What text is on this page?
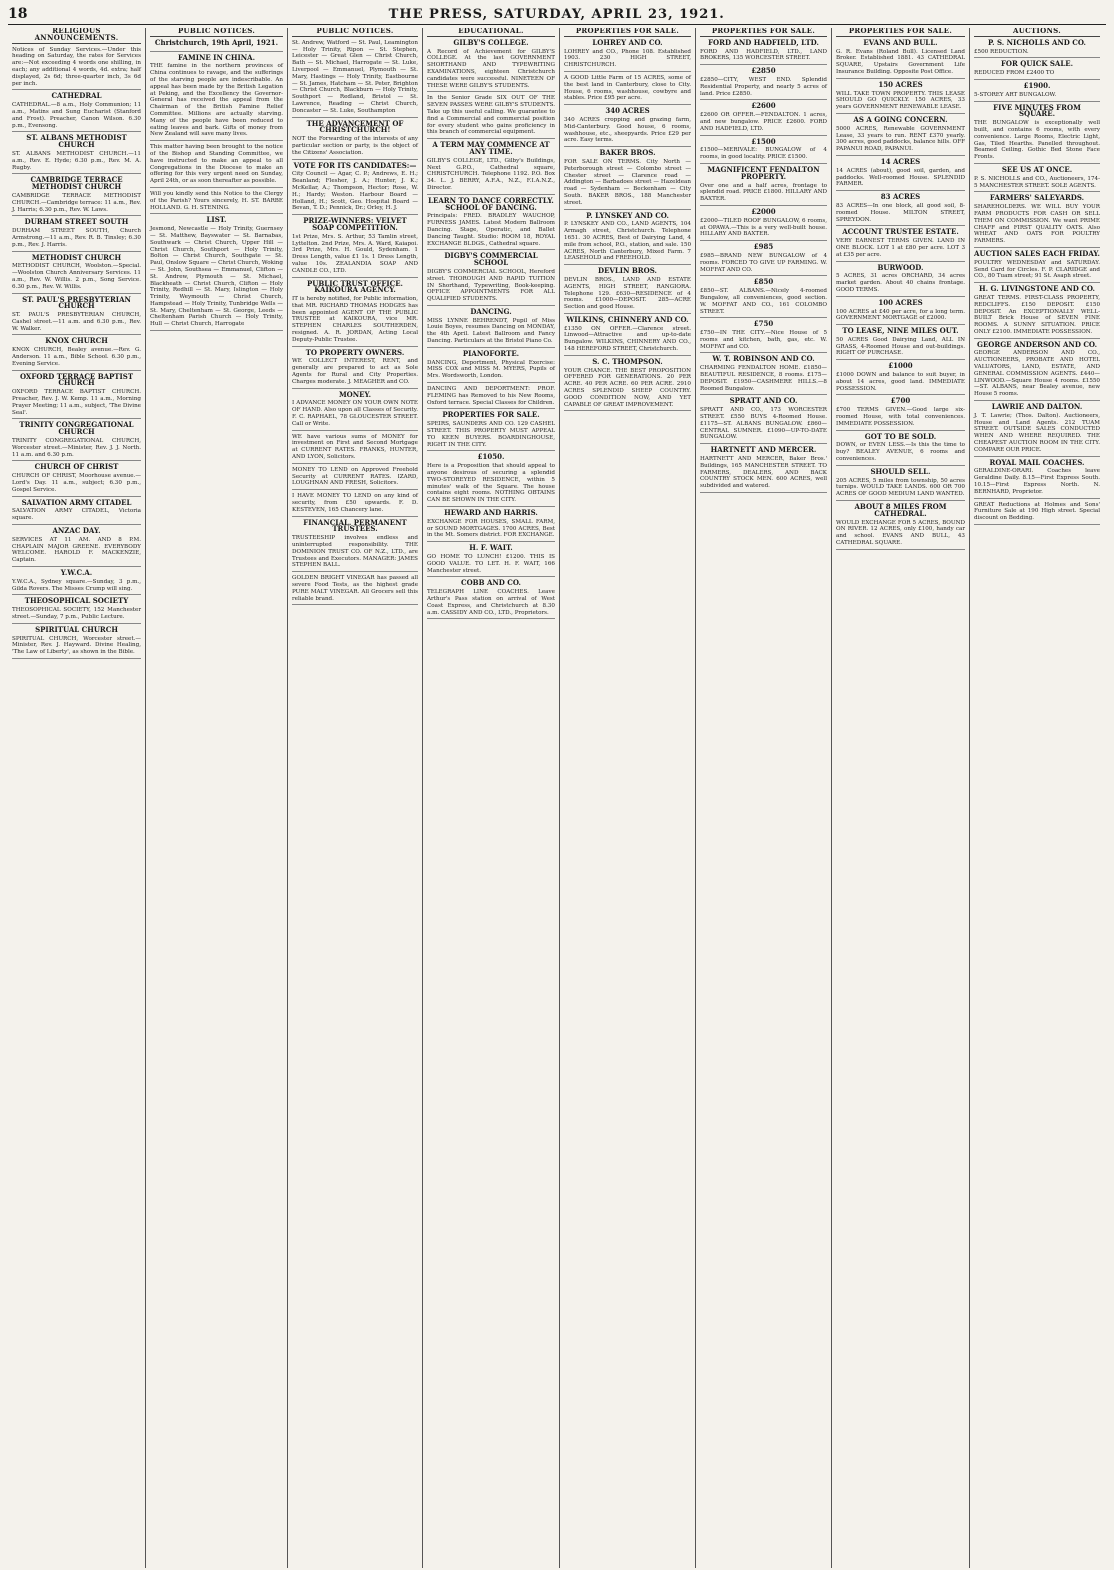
18	THE PRESS, SATURDAY, APRIL 23, 1921.
RELIGIOUS ANNOUNCEMENTS.
Notices of Sunday Services.—Under this heading on Saturday, the rates for Services are:—Not exceeding 4 words one shilling, in each; any additional 4 words, 4d. extra; half displayed, 2s 6d; three-quarter inch, 3s 6d per inch.
CATHEDRAL
CATHEDRAL.—8 a.m., Holy Communion; 11 a.m., Matins and Sung Eucharist (Stanford and Frost). Preacher, Canon Wilson. 6.30 p.m., Evensong.
ST. ALBANS METHODIST CHURCH
ST. ALBANS METHODIST CHURCH.—11 a.m., Rev. E. Hyde; 6.30 p.m., Rev. M. A. Rugby.
CAMBRIDGE TERRACE METHODIST CHURCH
CAMBRIDGE TERRACE METHODIST CHURCH.—Cambridge terrace: 11 a.m., Rev. J. Harris; 6.30 p.m., Rev. W. Laws.
DURHAM STREET SOUTH
DURHAM STREET SOUTH, Church Armstrong.—11 a.m., Rev. R. B. Tinsley; 6.30 p.m., Rev. J. Harris.
METHODIST CHURCH
METHODIST CHURCH, Woolston.—Special.—Woolston Church Anniversary Services. 11 a.m., Rev. W. Willis. 2 p.m., Song Service. 6.30 p.m., Rev. W. Willis.
ST. PAUL'S PRESBYTERIAN CHURCH
ST. PAUL'S PRESBYTERIAN CHURCH, Cashel street.—11 a.m. and 6.30 p.m., Rev. W. Walker.
KNOX CHURCH
KNOX CHURCH, Bealey avenue.—Rev. G. Anderson. 11 a.m., Bible School. 6.30 p.m., Evening Service.
OXFORD TERRACE BAPTIST CHURCH
OXFORD TERRACE BAPTIST CHURCH. Preacher, Rev. J. W. Kemp. 11 a.m., Morning Prayer Meeting; 11 a.m., subject, 'The Divine Seal'.
TRINITY CONGREGATIONAL CHURCH
TRINITY CONGREGATIONAL CHURCH, Worcester street.—Minister, Rev. J. J. North. 11 a.m. and 6.30 p.m.
CHURCH OF CHRIST
CHURCH OF CHRIST, Moorhouse avenue.—Lord's Day. 11 a.m., subject; 6.30 p.m., Gospel Service.
SALVATION ARMY CITADEL
SALVATION ARMY CITADEL, Victoria square.
ANZAC DAY.
SERVICES AT 11 AM. AND 8 P.M. CHAPLAIN MAJOR GREENE. EVERYBODY WELCOME. HAROLD F. MACKENZIE, Captain.
Y.W.C.A.
Y.W.C.A., Sydney square.—Sunday, 3 p.m., Gilda Rovers. The Misses Crump will sing.
THEOSOPHICAL SOCIETY
THEOSOPHICAL SOCIETY, 152 Manchester street.—Sunday, 7 p.m., Public Lecture.
SPIRITUAL CHURCH
SPIRITUAL CHURCH, Worcester street.—Minister, Rev. J. Hayward. Divine Healing, 'The Law of Liberty', as shown in the Bible.
PUBLIC NOTICES.
Christchurch, 19th April, 1921.
FAMINE IN CHINA.
THE famine in the northern provinces of China continues to ravage, and the sufferings of the starving people are indescribable. An appeal has been made by the British Legation at Peking, and the Excellency the Governor-General has received the appeal from the Chairman of the British Famine Relief Committee. Millions are actually starving. Many of the people have been reduced to eating leaves and bark. Gifts of money from New Zealand will save many lives.
This matter having been brought to the notice of the Bishop and Standing Committee, we have instructed to make an appeal to all Congregations in the Diocese to make an offering for this very urgent need on Sunday, April 24th, or as soon thereafter as possible.
Will you kindly send this Notice to the Clergy of the Parish? Yours sincerely, H. ST. BARBE HOLLAND. G. H. STENING.
LIST.
Jesmond, Newcastle — Holy Trinity, Guernsey — St. Matthew, Bayswater — St. Barnabas, Southwark — Christ Church, Upper Hill — Christ Church, Southport — Holy Trinity, Bolton — Christ Church, Southgate — St. Paul, Onslow Square — Christ Church, Woking — St. John, Southsea — Emmanuel, Clifton — St. Andrew, Plymouth — St. Michael, Blackheath — Christ Church, Clifton — Holy Trinity, Redhill — St. Mary, Islington — Holy Trinity, Weymouth — Christ Church, Hampstead — Holy Trinity, Tunbridge Wells — St. Mary, Cheltenham — St. George, Leeds — Cheltenham Parish Church — Holy Trinity, Hull — Christ Church, Harrogate
PUBLIC NOTICES.
St. Andrew, Watford — St. Paul, Leamington — Holy Trinity, Ripon — St. Stephen, Leicester — Great Glen — Christ Church, Bath — St. Michael, Harrogate — St. Luke, Liverpool — Emmanuel, Plymouth — St. Mary, Hastings — Holy Trinity, Eastbourne — St. James, Hatcham — St. Peter, Brighton — Christ Church, Blackburn — Holy Trinity, Southport — Redland, Bristol — St. Lawrence, Reading — Christ Church, Doncaster — St. Luke, Southampton
THE ADVANCEMENT OF CHRISTCHURCH!
NOT the Forwarding of the interests of any particular section or party, is the object of the Citizens' Association.
VOTE FOR ITS CANDIDATES:—
City Council — Agar, C. P.; Andrews, E. H.; Beanland; Flesher, J. A.; Hunter, J. K.; McKellar, A.; Thompson, Hector; Rose, W. H.; Hardy; Weston. Harbour Board — Holland, H.; Scott, Geo. Hospital Board — Bevan, T. D.; Pennick, Dr.; Orley, H. J.
PRIZE-WINNERS: VELVET SOAP COMPETITION.
1st Prize, Mrs. S. Arthur, 53 Tamlin street, Lyttelton. 2nd Prize, Mrs. A. Ward, Kaiapoi. 3rd Prize, Mrs. H. Gould, Sydenham. 1 Dress Length, value £1 1s. 1 Dress Length, value 10s. ZEALANDIA SOAP AND CANDLE CO., LTD.
PUBLIC TRUST OFFICE. KAIKOURA AGENCY.
IT is hereby notified, for Public information, that MR. RICHARD THOMAS HODGES has been appointed AGENT OF THE PUBLIC TRUSTEE at KAIKOURA, vice MR. STEPHEN CHARLES SOUTHERDEN, resigned. A. R. JORDAN, Acting Local Deputy-Public Trustee.
TO PROPERTY OWNERS.
WE COLLECT INTEREST, RENT, and generally are prepared to act as Sole Agents for Rural and City Properties. Charges moderate. J. MEAGHER and CO.
MONEY.
I ADVANCE MONEY ON YOUR OWN NOTE OF HAND. Also upon all Classes of Security. F. C. RAPHAEL, 78 GLOUCESTER STREET. Call or Write.
WE have various sums of MONEY for investment on First and Second Mortgage at CURRENT RATES. FRANKS, HUNTER, AND LYON, Solicitors.
MONEY TO LEND on Approved Freehold Security at CURRENT RATES. IZARD, LOUGHNAN AND FRESH, Solicitors.
I HAVE MONEY TO LEND on any kind of security, from £50 upwards. F. D. KESTEVEN, 165 Chancery lane.
FINANCIAL. PERMANENT TRUSTEES.
TRUSTEESHIP involves endless and uninterrupted responsibility. THE DOMINION TRUST CO. OF N.Z., LTD., are Trustees and Executors. MANAGER: JAMES STEPHEN BALL.
GOLDEN BRIGHT VINEGAR has passed all severe Food Tests, as the highest grade PURE MALT VINEGAR. All Grocers sell this reliable brand.
EDUCATIONAL.
GILBY'S COLLEGE.
A Record of Achievement for GILBY'S COLLEGE. At the last GOVERNMENT SHORTHAND AND TYPEWRITING EXAMINATIONS, eighteen Christchurch candidates were successful. NINETEEN OF THESE WERE GILBY'S STUDENTS.
In the Senior Grade SIX OUT OF THE SEVEN PASSES WERE GILBY'S STUDENTS. Take up this useful calling. We guarantee to find a Commercial and commercial position for every student who gains proficiency in this branch of commercial equipment.
A TERM MAY COMMENCE AT ANY TIME.
GILBY'S COLLEGE, LTD., Gilby's Buildings, Next G.P.O., Cathedral square, CHRISTCHURCH. Telephone 1192. P.O. Box 34. L. J. BERRY, A.F.A., N.Z., F.I.A.N.Z., Director.
LEARN TO DANCE CORRECTLY. SCHOOL OF DANCING.
Principals: FRED. BRADLEY WAUCHOP, FURNESS JAMES. Latest Modern Ballroom Dancing. Stage, Operatic, and Ballet Dancing Taught. Studio: ROOM 18, ROYAL EXCHANGE BLDGS., Cathedral square.
DIGBY'S COMMERCIAL SCHOOL
DIGBY'S COMMERCIAL SCHOOL, Hereford street. THOROUGH AND RAPID TUITION IN Shorthand, Typewriting, Book-keeping. OFFICE APPOINTMENTS FOR ALL QUALIFIED STUDENTS.
DANCING.
MISS LYNNE BEHRENDT, Pupil of Miss Louie Boyes, resumes Dancing on MONDAY, the 4th April. Latest Ballroom and Fancy Dancing. Particulars at the Bristol Piano Co.
PIANOFORTE.
DANCING, Deportment, Physical Exercise: MISS COX and MISS M. MYERS, Pupils of Mrs. Wordsworth, London.
DANCING AND DEPORTMENT: PROF. FLEMING has Removed to his New Rooms, Oxford terrace. Special Classes for Children.
PROPERTIES FOR SALE.
SPEIRS, SAUNDERS AND CO. 129 CASHEL STREET. THIS PROPERTY MUST APPEAL TO KEEN BUYERS. BOARDINGHOUSE, RIGHT IN THE CITY.
£1050.
Here is a Proposition that should appeal to anyone desirous of securing a splendid TWO-STOREYED RESIDENCE, within 5 minutes' walk of the Square. The house contains eight rooms. NOTHING OBTAINS CAN BE SHOWN IN THE CITY.
HEWARD AND HARRIS.
EXCHANGE FOR HOUSES, SMALL FARM, or SOUND MORTGAGES. 1700 ACRES, Best in the Mt. Somers district. FOR EXCHANGE.
H. F. WAIT.
GO HOME TO LUNCH! £1200. THIS IS GOOD VALUE. TO LET. H. F. WAIT, 166 Manchester street.
COBB AND CO.
TELEGRAPH LINE COACHES. Leave Arthur's Pass station on arrival of West Coast Express, and Christchurch at 8.30 a.m. CASSIDY AND CO., LTD., Proprietors.
PROPERTIES FOR SALE.
LOHREY AND CO.
LOHREY and CO., Phone 108. Established 1903. 230 HIGH STREET, CHRISTCHURCH.
A GOOD Little Farm of 15 ACRES, some of the best land in Canterbury, close to City. House, 6 rooms, washhouse, cowbyre and stables. Price £95 per acre.
340 ACRES
340 ACRES cropping and grazing farm, Mid-Canterbury. Good house, 6 rooms, washhouse, etc., sheepyards. Price £29 per acre. Easy terms.
BAKER BROS.
FOR SALE ON TERMS. City North — Peterborough street — Colombo street — Chester street — Clarence road — Addington — Barbadoes street — Hazeldean road — Sydenham — Beckenham — City South. BAKER BROS., 188 Manchester street.
P. LYNSKEY AND CO.
P. LYNSKEY AND CO., LAND AGENTS, 104 Armagh street, Christchurch. Telephone 1651. 30 ACRES, Best of Dairying Land, 4 mile from school, P.O., station, and sale. 150 ACRES, North Canterbury, Mixed Farm. 7 LEASEHOLD and FREEHOLD.
DEVLIN BROS.
DEVLIN BROS., LAND AND ESTATE AGENTS, HIGH STREET, RANGIORA. Telephone 129. £630—RESIDENCE of 4 rooms. £1000—DEPOSIT. 285—ACRE Section and good House.
WILKINS, CHINNERY AND CO.
£1350 ON OFFER.—Clarence street. Linwood—Attractive and up-to-date Bungalow. WILKINS, CHINNERY AND CO., 148 HEREFORD STREET, Christchurch.
S. C. THOMPSON.
YOUR CHANCE. THE BEST PROPOSITION OFFERED FOR GENERATIONS. 20 PER ACRE. 40 PER ACRE. 60 PER ACRE. 2910 ACRES SPLENDID SHEEP COUNTRY. GOOD CONDITION NOW, AND YET CAPABLE OF GREAT IMPROVEMENT.
PROPERTIES FOR SALE.
FORD AND HADFIELD, LTD.
FORD AND HADFIELD, LTD., LAND BROKERS, 135 WORCESTER STREET.
£2850
£2850—CITY, WEST END. Splendid Residential Property, and nearly 5 acres of land. Price £2850.
£2600
£2600 OR OFFER.—FENDALTON. 1 acres, and new bungalow. PRICE £2600. FORD AND HADFIELD, LTD.
£1500
£1500—MERIVALE: BUNGALOW of 4 rooms, in good locality. PRICE £1500.
MAGNIFICENT FENDALTON PROPERTY.
Over one and a half acres, frontage to splendid road. PRICE £1800. HILLARY AND BAXTER.
£2000
£2000—TILED ROOF BUNGALOW, 6 rooms, at OPAWA.—This is a very well-built house. HILLARY AND BAXTER.
£985
£985—BRAND NEW BUNGALOW of 4 rooms. FORCED TO GIVE UP FARMING. W. MOFFAT AND CO.
£850
£850—ST. ALBANS.—Nicely 4-roomed Bungalow, all conveniences, good section. W. MOFFAT AND CO., 161 COLOMBO STREET.
£750
£750—IN THE CITY.—Nice House of 5 rooms and kitchen, bath, gas, etc. W. MOFFAT and CO.
W. T. ROBINSON AND CO.
CHARMING FENDALTON HOME. £1850—BEAUTIFUL RESIDENCE, 8 rooms. £175—DEPOSIT. £1950—CASHMERE HILLS.—8 Roomed Bungalow.
SPRATT AND CO.
SPRATT AND CO., 173 WORCESTER STREET. £550 BUYS 4-Roomed House. £1175—ST. ALBANS BUNGALOW. £860—CENTRAL SUMNER. £1090—UP-TO-DATE BUNGALOW.
HARTNETT AND MERCER.
HARTNETT AND MERCER, Baker Bros.' Buildings, 165 MANCHESTER STREET. TO FARMERS, DEALERS, AND BACK COUNTRY STOCK MEN. 600 ACRES, well subdivided and watered.
PROPERTIES FOR SALE.
EVANS AND BULL.
G. R. Evans (Roland Bull). Licensed Land Broker. Established 1881. 43 CATHEDRAL SQUARE, Upstairs Government Life Insurance Building. Opposite Post Office.
150 ACRES
WILL TAKE TOWN PROPERTY. THIS LEASE SHOULD GO QUICKLY. 150 ACRES, 33 years GOVERNMENT RENEWABLE LEASE.
AS A GOING CONCERN.
5000 ACRES, Renewable GOVERNMENT Lease, 33 years to run. RENT £370 yearly. 300 acres, good paddocks, balance hills. OFF PAPANUI ROAD, PAPANUI.
14 ACRES
14 ACRES (about), good soil, garden, and paddocks. Well-roomed House. SPLENDID FARMER.
83 ACRES
83 ACRES—In one block, all good soil, 8-roomed House. MILTON STREET, SPREYDON.
ACCOUNT TRUSTEE ESTATE.
VERY EARNEST TERMS GIVEN. LAND IN ONE BLOCK. LOT 1 at £80 per acre. LOT 3 at £35 per acre.
BURWOOD.
5 ACRES, 31 acres ORCHARD, 34 acres market garden. About 40 chains frontage. GOOD TERMS.
100 ACRES
100 ACRES at £40 per acre, for a long term. GOVERNMENT MORTGAGE of £2000.
TO LEASE, NINE MILES OUT.
50 ACRES Good Dairying Land, ALL IN GRASS, 4-Roomed House and out-buildings. RIGHT OF PURCHASE.
£1000
£1000 DOWN and balance to suit buyer, in about 14 acres, good land. IMMEDIATE POSSESSION.
£700
£700 TERMS GIVEN.—Good large six-roomed House, with total conveniences. IMMEDIATE POSSESSION.
GOT TO BE SOLD.
DOWN, or EVEN LESS.—Is this the time to buy? BEALEY AVENUE, 6 rooms and conveniences.
SHOULD SELL.
205 ACRES, 5 miles from township, 50 acres turnips. WOULD TAKE LANDS. 600 OR 700 ACRES OF GOOD MEDIUM LAND WANTED.
ABOUT 8 MILES FROM CATHEDRAL.
WOULD EXCHANGE FOR 5 ACRES, BOUND ON RIVER. 12 ACRES, only £100, handy car and school. EVANS AND BULL, 43 CATHEDRAL SQUARE.
AUCTIONS.
P. S. NICHOLLS AND CO.
£500 REDUCTION.
FOR QUICK SALE.
REDUCED FROM £2400 TO
£1900.
5-STOREY ART BUNGALOW.
FIVE MINUTES FROM SQUARE.
THE BUNGALOW is exceptionally well built, and contains 6 rooms, with every convenience. Large Rooms, Electric Light, Gas, Tiled Hearths. Panelled throughout. Beamed Ceiling. Gothic Bed Stone Face Fronts.
SEE US AT ONCE.
P. S. NICHOLLS and CO., Auctioneers, 174-5 MANCHESTER STREET. SOLE AGENTS.
FARMERS' SALEYARDS.
SHAREHOLDERS. WE WILL BUY YOUR FARM PRODUCTS FOR CASH OR SELL THEM ON COMMISSION. We want PRIME CHAFF and FIRST QUALITY OATS. Also WHEAT AND OATS FOR POULTRY FARMERS.
AUCTION SALES EACH FRIDAY.
POULTRY WEDNESDAY and SATURDAY. Send Card for Circles. F. P. CLARIDGE and CO., 80 Tuam street; 91 St. Asaph street.
H. G. LIVINGSTONE AND CO.
GREAT TERMS. FIRST-CLASS PROPERTY, REDCLIFFS. £150 DEPOSIT. £150 DEPOSIT. An EXCEPTIONALLY WELL-BUILT Brick House of SEVEN FINE ROOMS. A SUNNY SITUATION. PRICE ONLY £2100. IMMEDIATE POSSESSION.
GEORGE ANDERSON AND CO.
GEORGE ANDERSON AND CO., AUCTIONEERS, PROBATE AND HOTEL VALUATORS, LAND, ESTATE, AND GENERAL COMMISSION AGENTS. £440—LINWOOD.—Square House 4 rooms. £1550—ST. ALBANS, near Bealey avenue, new House 5 rooms.
LAWRIE AND DALTON.
J. T. Lawrie; (Thos. Dalton). Auctioneers, House and Land Agents. 212 TUAM STREET. OUTSIDE SALES CONDUCTED WHEN AND WHERE REQUIRED. THE CHEAPEST AUCTION ROOM IN THE CITY. COMPARE OUR PRICE.
ROYAL MAIL COACHES.
GERALDINE-ORARI. Coaches leave Geraldine Daily. 8.15—First Express South. 10.15—First Express North. N. BERNHARD, Proprietor.
GREAT Reductions at Holmes and Sons' Furniture Sale at 190 High street. Special discount on Bedding.
